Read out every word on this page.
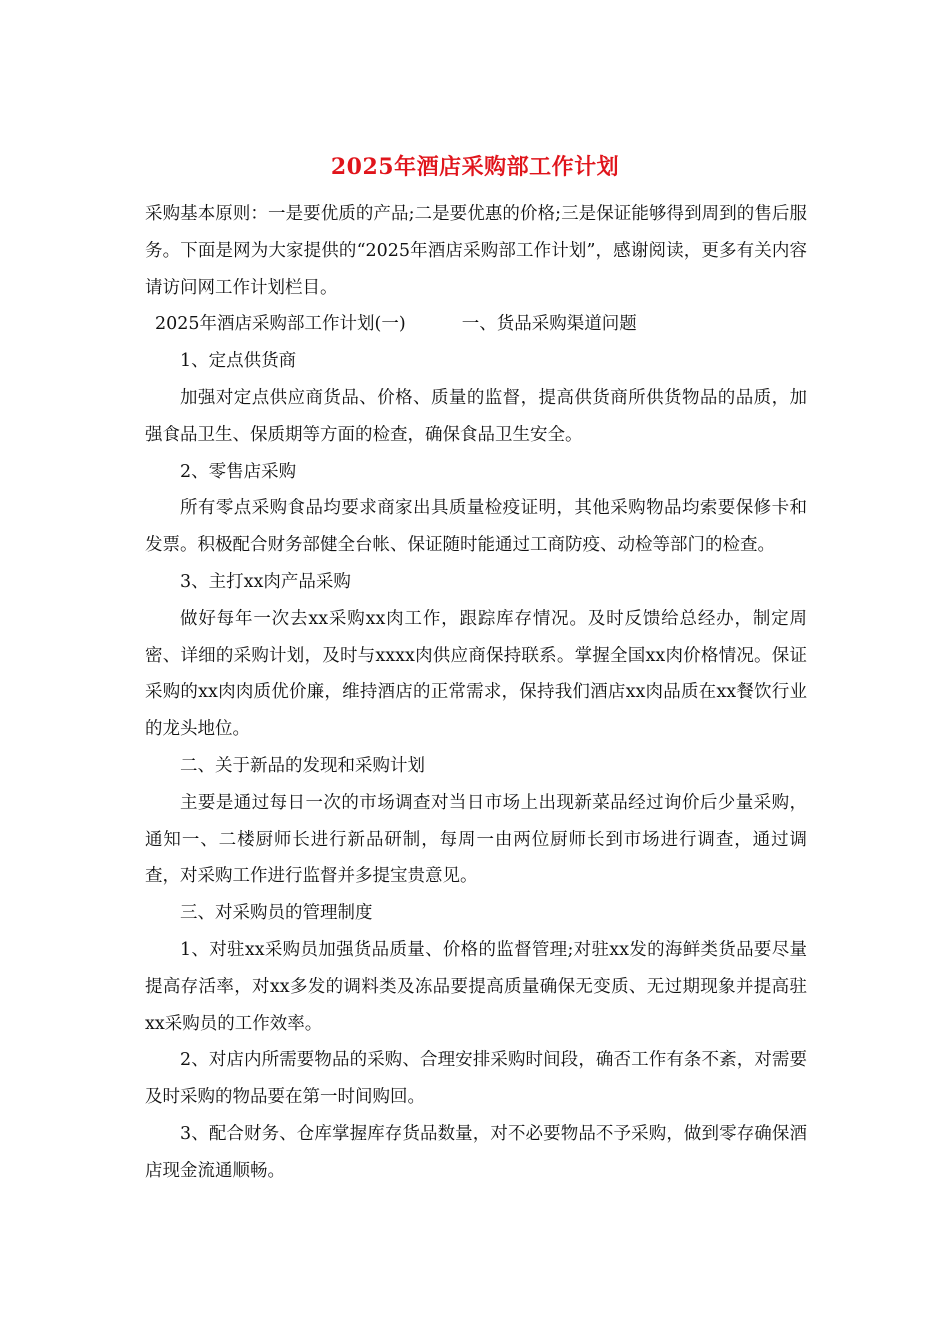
2025年酒店采购部工作计划

采购基本原则：一是要优质的产品;二是要优惠的价格;三是保证能够得到周到的售后服务。下面是网为大家提供的“2025年酒店采购部工作计划”，感谢阅读，更多有关内容请访问网工作计划栏目。

2025年酒店采购部工作计划(一)	一、货品采购渠道问题

1、定点供货商

加强对定点供应商货品、价格、质量的监督，提高供货商所供货物品的品质，加强食品卫生、保质期等方面的检查，确保食品卫生安全。

2、零售店采购

所有零点采购食品均要求商家出具质量检疫证明，其他采购物品均索要保修卡和发票。积极配合财务部健全台帐、保证随时能通过工商防疫、动检等部门的检查。

3、主打xx肉产品采购

做好每年一次去xx采购xx肉工作，跟踪库存情况。及时反馈给总经办，制定周密、详细的采购计划，及时与xxxx肉供应商保持联系。掌握全国xx肉价格情况。保证采购的xx肉肉质优价廉，维持酒店的正常需求，保持我们酒店xx肉品质在xx餐饮行业的龙头地位。

二、关于新品的发现和采购计划

主要是通过每日一次的市场调查对当日市场上出现新菜品经过询价后少量采购，通知一、二楼厨师长进行新品研制，每周一由两位厨师长到市场进行调查，通过调查，对采购工作进行监督并多提宝贵意见。

三、对采购员的管理制度

1、对驻xx采购员加强货品质量、价格的监督管理;对驻xx发的海鲜类货品要尽量提高存活率，对xx多发的调料类及冻品要提高质量确保无变质、无过期现象并提高驻xx采购员的工作效率。

2、对店内所需要物品的采购、合理安排采购时间段，确否工作有条不紊，对需要及时采购的物品要在第一时间购回。

3、配合财务、仓库掌握库存货品数量，对不必要物品不予采购，做到零存确保酒店现金流通顺畅。
